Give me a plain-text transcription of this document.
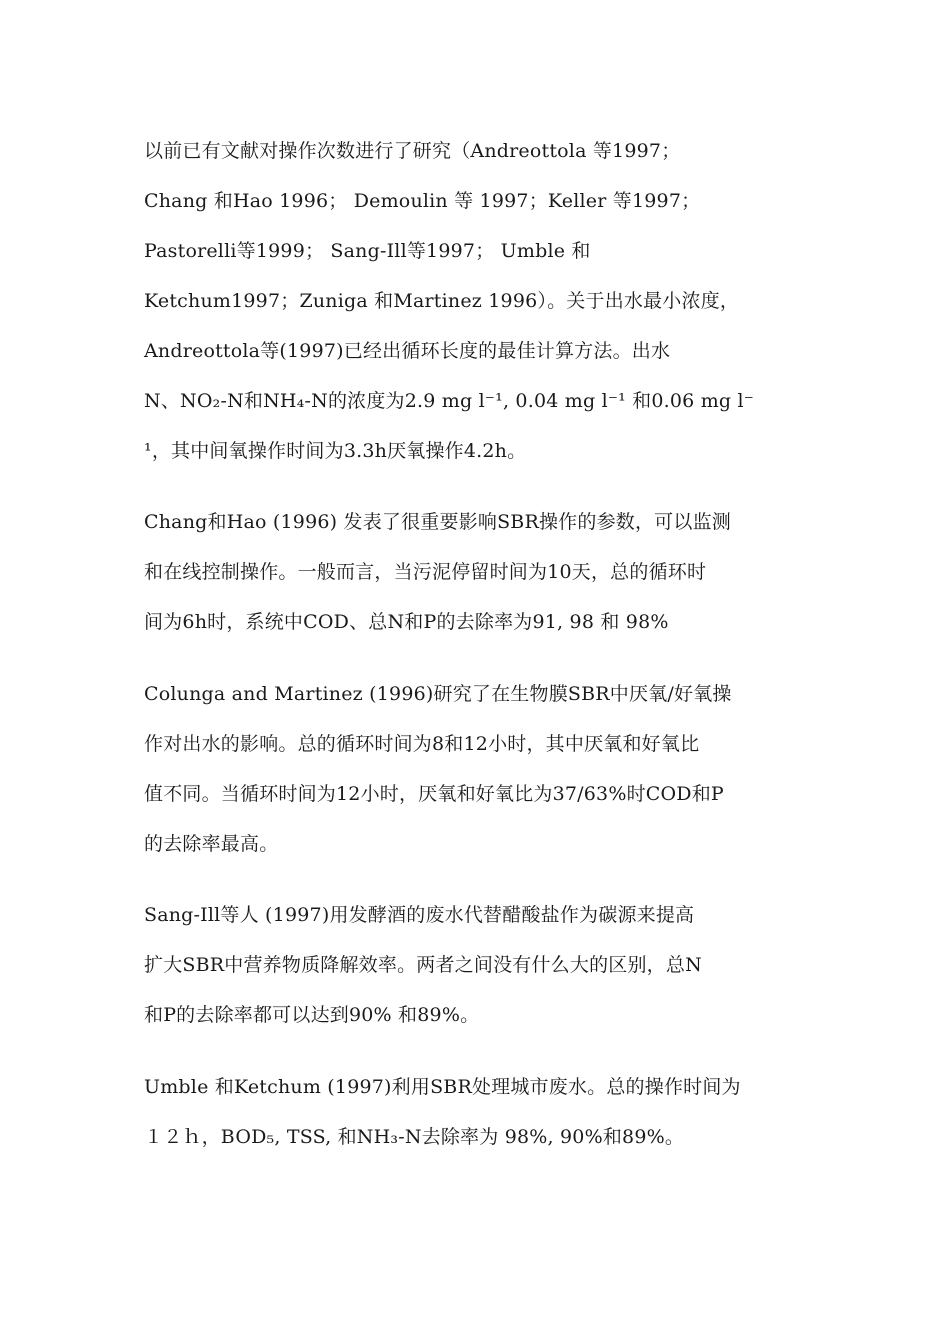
以前已有文献对操作次数进行了研究（Andreottola 等1997；
Chang 和Hao 1996； Demoulin 等 1997；Keller 等1997；
Pastorelli等1999； Sang-Ill等1997； Umble 和
Ketchum1997；Zuniga 和Martinez 1996）。关于出水最小浓度，
Andreottola等(1997)已经出循环长度的最佳计算方法。出水
N、NO₂-N和NH₄-N的浓度为2.9 mg l⁻¹, 0.04 mg l⁻¹ 和0.06 mg l⁻
¹，其中间氧操作时间为3.3h厌氧操作4.2h。

Chang和Hao (1996) 发表了很重要影响SBR操作的参数，可以监测
和在线控制操作。一般而言，当污泥停留时间为10天，总的循环时
间为6h时，系统中COD、总N和P的去除率为91, 98 和 98%

Colunga and Martinez (1996)研究了在生物膜SBR中厌氧/好氧操
作对出水的影响。总的循环时间为8和12小时，其中厌氧和好氧比
值不同。当循环时间为12小时，厌氧和好氧比为37/63%时COD和P
的去除率最高。

Sang-Ill等人 (1997)用发酵酒的废水代替醋酸盐作为碳源来提高
扩大SBR中营养物质降解效率。两者之间没有什么大的区别，总N
和P的去除率都可以达到90% 和89%。

Umble 和Ketchum (1997)利用SBR处理城市废水。总的操作时间为
１２ｈ，BOD₅, TSS, 和NH₃-N去除率为 98%, 90%和89%。
